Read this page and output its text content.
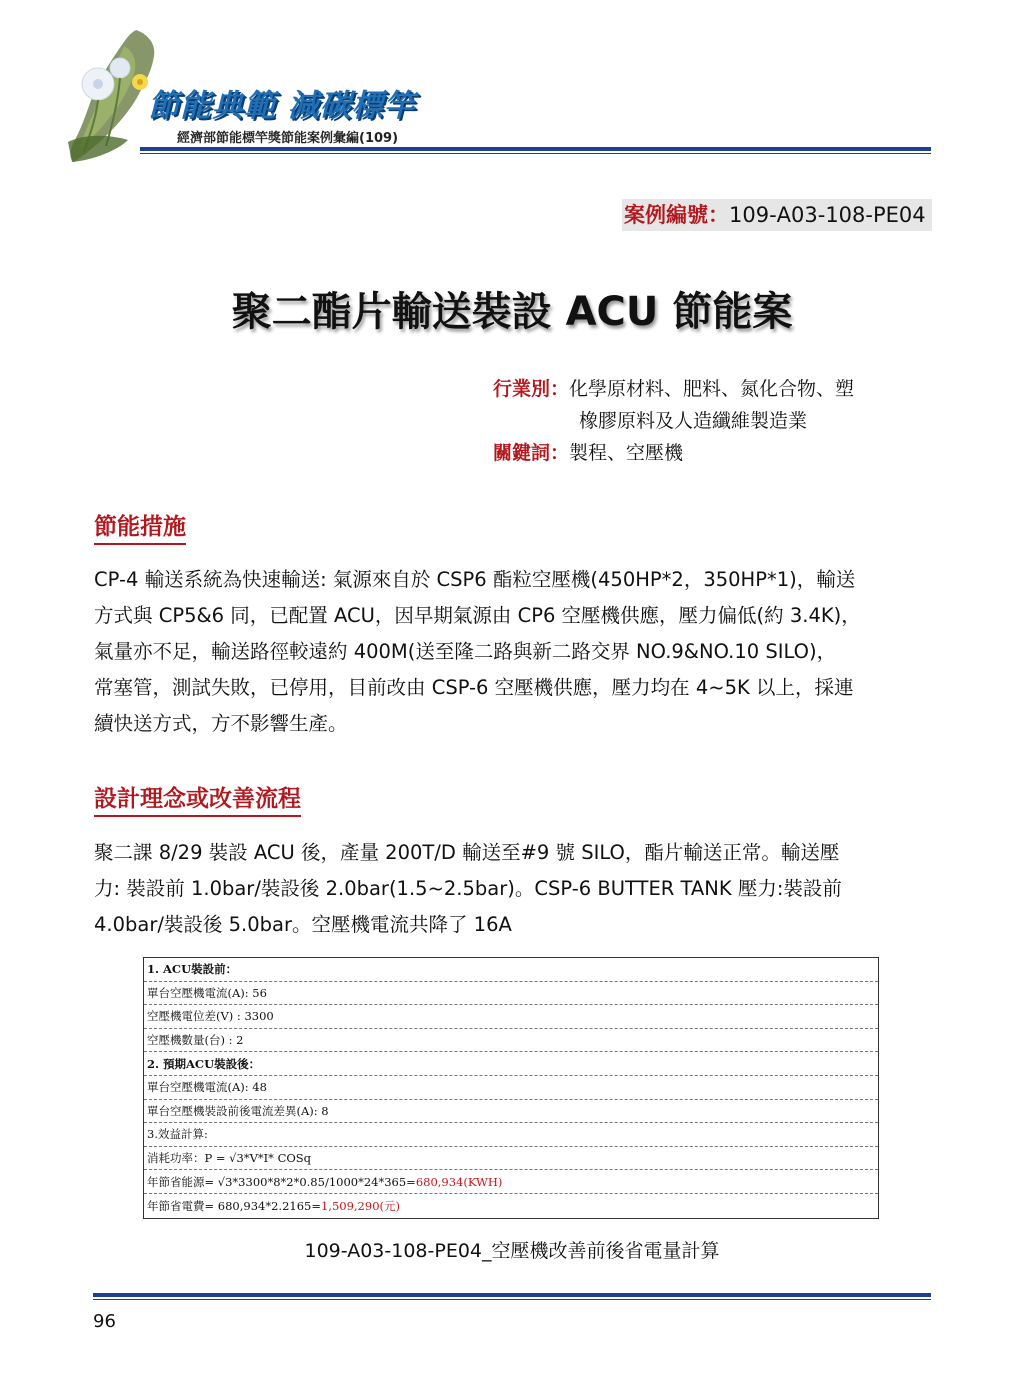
節能典範 減碳標竿
經濟部節能標竿獎節能案例彙編(109)
案例編號：109-A03-108-PE04
聚二酯片輸送裝設 ACU 節能案
行業別：化學原材料、肥料、氮化合物、塑
橡膠原料及人造纖維製造業
關鍵詞：製程、空壓機
節能措施
CP-4 輸送系統為快速輸送: 氣源來自於 CSP6 酯粒空壓機(450HP*2，350HP*1)，輸送
方式與 CP5&6 同，已配置 ACU，因早期氣源由 CP6 空壓機供應，壓力偏低(約 3.4K)，
氣量亦不足，輸送路徑較遠約 400M(送至隆二路與新二路交界 NO.9&NO.10 SILO)，
常塞管，測試失敗，已停用，目前改由 CSP-6 空壓機供應，壓力均在 4~5K 以上，採連
續快送方式，方不影響生產。
設計理念或改善流程
聚二課 8/29 裝設 ACU 後，產量 200T/D 輸送至#9 號 SILO，酯片輸送正常。輸送壓
力: 裝設前 1.0bar/裝設後 2.0bar(1.5~2.5bar)。CSP-6 BUTTER TANK 壓力:裝設前
4.0bar/裝設後 5.0bar。空壓機電流共降了 16A
1. ACU裝設前：
單台空壓機電流(A): 56
空壓機電位差(V) : 3300
空壓機數量(台) : 2
2. 預期ACU裝設後：
單台空壓機電流(A): 48
單台空壓機裝設前後電流差異(A): 8
3.效益計算:
消耗功率：P = √3*V*I* COSq
年節省能源= √3*3300*8*2*0.85/1000*24*365= 680,934(KWH)
年節省電費= 680,934*2.2165= 1,509,290(元)
109-A03-108-PE04_空壓機改善前後省電量計算
96
